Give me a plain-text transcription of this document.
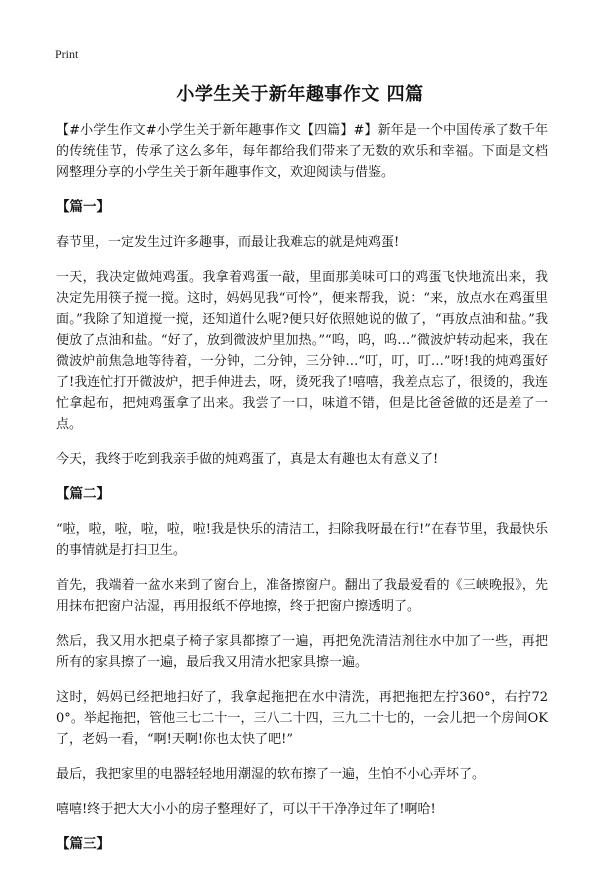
Print
小学生关于新年趣事作文 四篇

【#小学生作文#小学生关于新年趣事作文【四篇】#】新年是一个中国传承了数千年的传统佳节，传承了这么多年，每年都给我们带来了无数的欢乐和幸福。下面是文档网整理分享的小学生关于新年趣事作文，欢迎阅读与借鉴。

【篇一】

春节里，一定发生过许多趣事，而最让我难忘的就是炖鸡蛋!

一天，我决定做炖鸡蛋。我拿着鸡蛋一敲，里面那美味可口的鸡蛋飞快地流出来，我决定先用筷子搅一搅。这时，妈妈见我“可怜”，便来帮我，说：“来，放点水在鸡蛋里面。”我除了知道搅一搅，还知道什么呢?便只好依照她说的做了，“再放点油和盐。”我便放了点油和盐。“好了，放到微波炉里加热。”“呜，呜，呜…”微波炉转动起来，我在微波炉前焦急地等待着，一分钟，二分钟，三分钟…“叮，叮，叮…”呀!我的炖鸡蛋好了!我连忙打开微波炉，把手伸进去，呀，烫死我了!嘻嘻，我差点忘了，很烫的，我连忙拿起布，把炖鸡蛋拿了出来。我尝了一口，味道不错，但是比爸爸做的还是差了一点。

今天，我终于吃到我亲手做的炖鸡蛋了，真是太有趣也太有意义了!

【篇二】

“啦，啦，啦，啦，啦，啦!我是快乐的清洁工，扫除我呀最在行!”在春节里，我最快乐的事情就是打扫卫生。

首先，我端着一盆水来到了窗台上，准备擦窗户。翻出了我最爱看的《三峡晚报》，先用抹布把窗户沾湿，再用报纸不停地擦，终于把窗户擦透明了。

然后，我又用水把桌子椅子家具都擦了一遍，再把免洗清洁剂往水中加了一些，再把所有的家具擦了一遍，最后我又用清水把家具擦一遍。

这时，妈妈已经把地扫好了，我拿起拖把在水中清洗，再把拖把左拧360°，右拧720°。举起拖把，管他三七二十一，三八二十四，三九二十七的，一会儿把一个房间OK了，老妈一看，“啊!天啊!你也太快了吧!”

最后，我把家里的电器轻轻地用潮湿的软布擦了一遍，生怕不小心弄坏了。

嘻嘻!终于把大大小小的房子整理好了，可以干干净净过年了!啊哈!

【篇三】
